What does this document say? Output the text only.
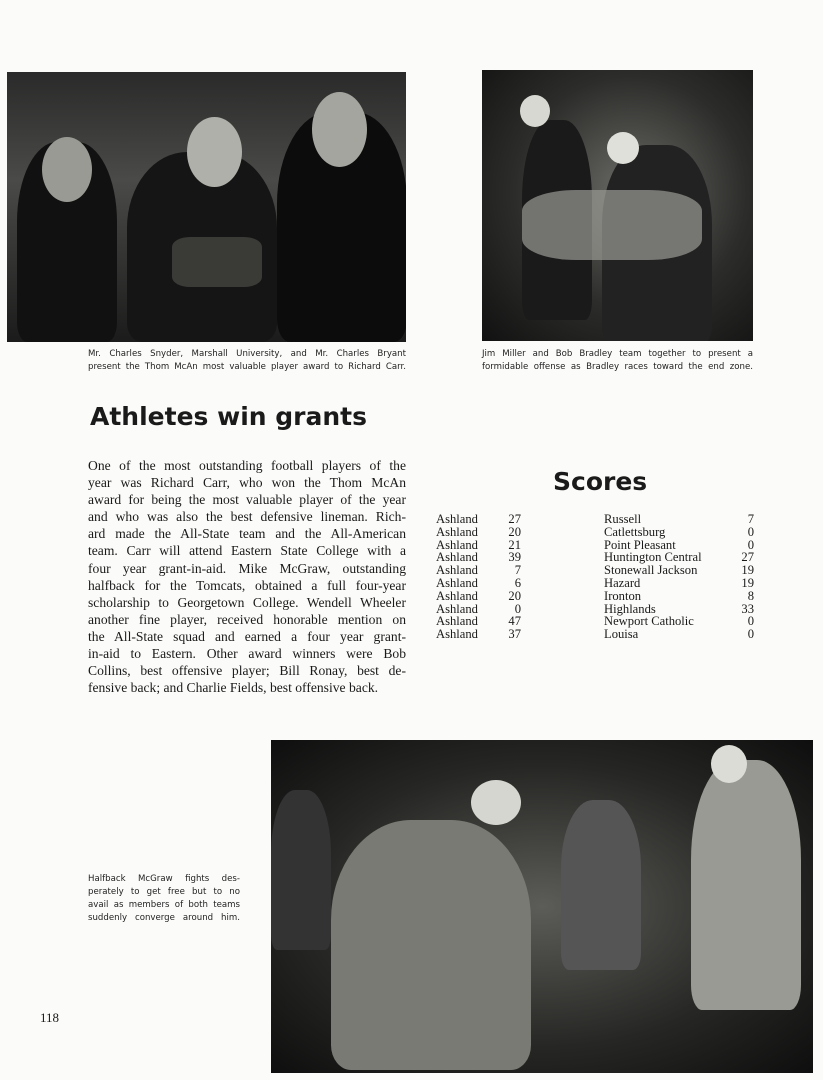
Mr. Charles Snyder, Marshall University, and Mr. Charles Bryant
present the Thom McAn most valuable player award to Richard Carr.
Jim Miller and Bob Bradley team together to present a
formidable offense as Bradley races toward the end zone.
Halfback McGraw fights des-
perately to get free but to no
avail as members of both teams
suddenly converge around him.
Athletes win grants
One of the most outstanding football players of the
year was Richard Carr, who won the Thom McAn
award for being the most valuable player of the year
and who was also the best defensive lineman. Rich-
ard made the All-State team and the All-American
team. Carr will attend Eastern State College with a
four year grant-in-aid. Mike McGraw, outstanding
halfback for the Tomcats, obtained a full four-year
scholarship to Georgetown College. Wendell Wheeler
another fine player, received honorable mention on
the All-State squad and earned a four year grant-
in-aid to Eastern. Other award winners were Bob
Collins, best offensive player; Bill Ronay, best de-
fensive back; and Charlie Fields, best offensive back.
Scores
Ashland	27	Russell	7
Ashland	20	Catlettsburg	0
Ashland	21	Point Pleasant	0
Ashland	39	Huntington Central	27
Ashland	7	Stonewall Jackson	19
Ashland	6	Hazard	19
Ashland	20	Ironton	8
Ashland	0	Highlands	33
Ashland	47	Newport Catholic	0
Ashland	37	Louisa	0
118
